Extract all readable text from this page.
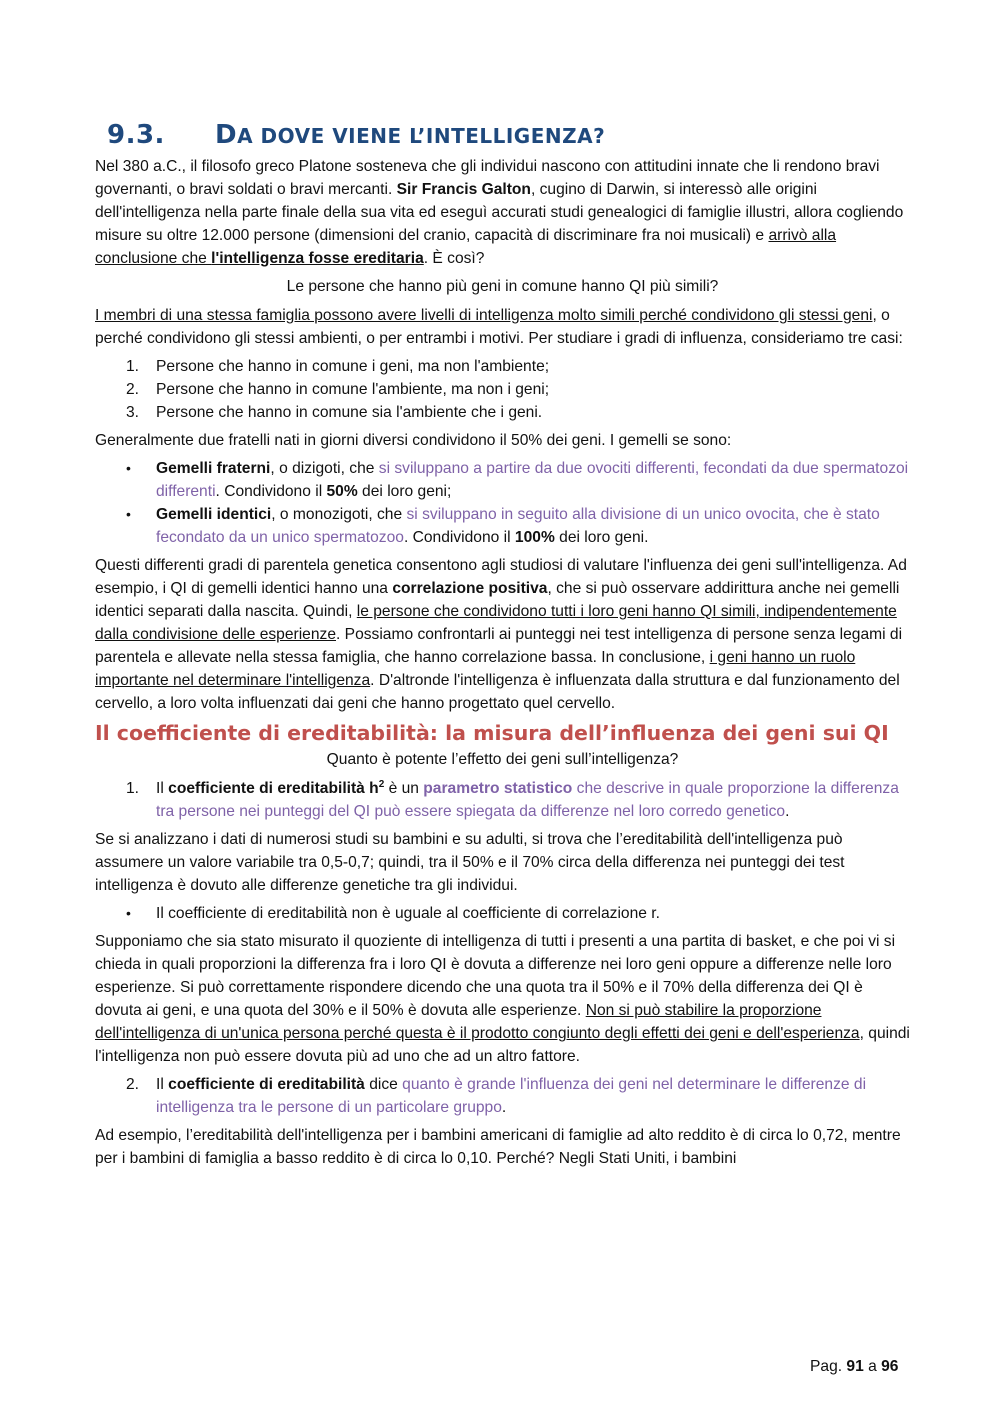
9.3. DA DOVE VIENE L’INTELLIGENZA?

Nel 380 a.C., il filosofo greco Platone sosteneva che gli individui nascono con attitudini innate che li rendono bravi governanti, o bravi soldati o bravi mercanti. Sir Francis Galton, cugino di Darwin, si interessò alle origini dell'intelligenza nella parte finale della sua vita ed eseguì accurati studi genealogici di famiglie illustri, allora cogliendo misure su oltre 12.000 persone (dimensioni del cranio, capacità di discriminare fra noi musicali) e arrivò alla conclusione che l'intelligenza fosse ereditaria. È così?

Le persone che hanno più geni in comune hanno QI più simili?

I membri di una stessa famiglia possono avere livelli di intelligenza molto simili perché condividono gli stessi geni, o perché condividono gli stessi ambienti, o per entrambi i motivi. Per studiare i gradi di influenza, consideriamo tre casi:

1. Persone che hanno in comune i geni, ma non l'ambiente;
2. Persone che hanno in comune l'ambiente, ma non i geni;
3. Persone che hanno in comune sia l'ambiente che i geni.

Generalmente due fratelli nati in giorni diversi condividono il 50% dei geni. I gemelli se sono:

• Gemelli fraterni, o dizigoti, che si sviluppano a partire da due ovociti differenti, fecondati da due spermatozoi differenti. Condividono il 50% dei loro geni;
• Gemelli identici, o monozigoti, che si sviluppano in seguito alla divisione di un unico ovocita, che è stato fecondato da un unico spermatozoo. Condividono il 100% dei loro geni.

Questi differenti gradi di parentela genetica consentono agli studiosi di valutare l'influenza dei geni sull'intelligenza. Ad esempio, i QI di gemelli identici hanno una correlazione positiva, che si può osservare addirittura anche nei gemelli identici separati dalla nascita. Quindi, le persone che condividono tutti i loro geni hanno QI simili, indipendentemente dalla condivisione delle esperienze. Possiamo confrontarli ai punteggi nei test intelligenza di persone senza legami di parentela e allevate nella stessa famiglia, che hanno correlazione bassa. In conclusione, i geni hanno un ruolo importante nel determinare l'intelligenza. D'altronde l'intelligenza è influenzata dalla struttura e dal funzionamento del cervello, a loro volta influenzati dai geni che hanno progettato quel cervello.

Il coefficiente di ereditabilità: la misura dell’influenza dei geni sui QI

Quanto è potente l’effetto dei geni sull’intelligenza?

1. Il coefficiente di ereditabilità $h^2$ è un parametro statistico che descrive in quale proporzione la differenza tra persone nei punteggi del QI può essere spiegata da differenze nel loro corredo genetico.

Se si analizzano i dati di numerosi studi su bambini e su adulti, si trova che l’ereditabilità dell'intelligenza può assumere un valore variabile tra 0,5-0,7; quindi, tra il 50% e il 70% circa della differenza nei punteggi dei test intelligenza è dovuto alle differenze genetiche tra gli individui.

• Il coefficiente di ereditabilità non è uguale al coefficiente di correlazione r.

Supponiamo che sia stato misurato il quoziente di intelligenza di tutti i presenti a una partita di basket, e che poi vi si chieda in quali proporzioni la differenza fra i loro QI è dovuta a differenze nei loro geni oppure a differenze nelle loro esperienze. Si può correttamente rispondere dicendo che una quota tra il 50% e il 70% della differenza dei QI è dovuta ai geni, e una quota del 30% e il 50% è dovuta alle esperienze. Non si può stabilire la proporzione dell'intelligenza di un'unica persona perché questa è il prodotto congiunto degli effetti dei geni e dell'esperienza, quindi l'intelligenza non può essere dovuta più ad uno che ad un altro fattore.

2. Il coefficiente di ereditabilità dice quanto è grande l'influenza dei geni nel determinare le differenze di intelligenza tra le persone di un particolare gruppo.

Ad esempio, l’ereditabilità dell'intelligenza per i bambini americani di famiglie ad alto reddito è di circa lo 0,72, mentre per i bambini di famiglia a basso reddito è di circa lo 0,10. Perché? Negli Stati Uniti, i bambini

Pag. 91 a 96
